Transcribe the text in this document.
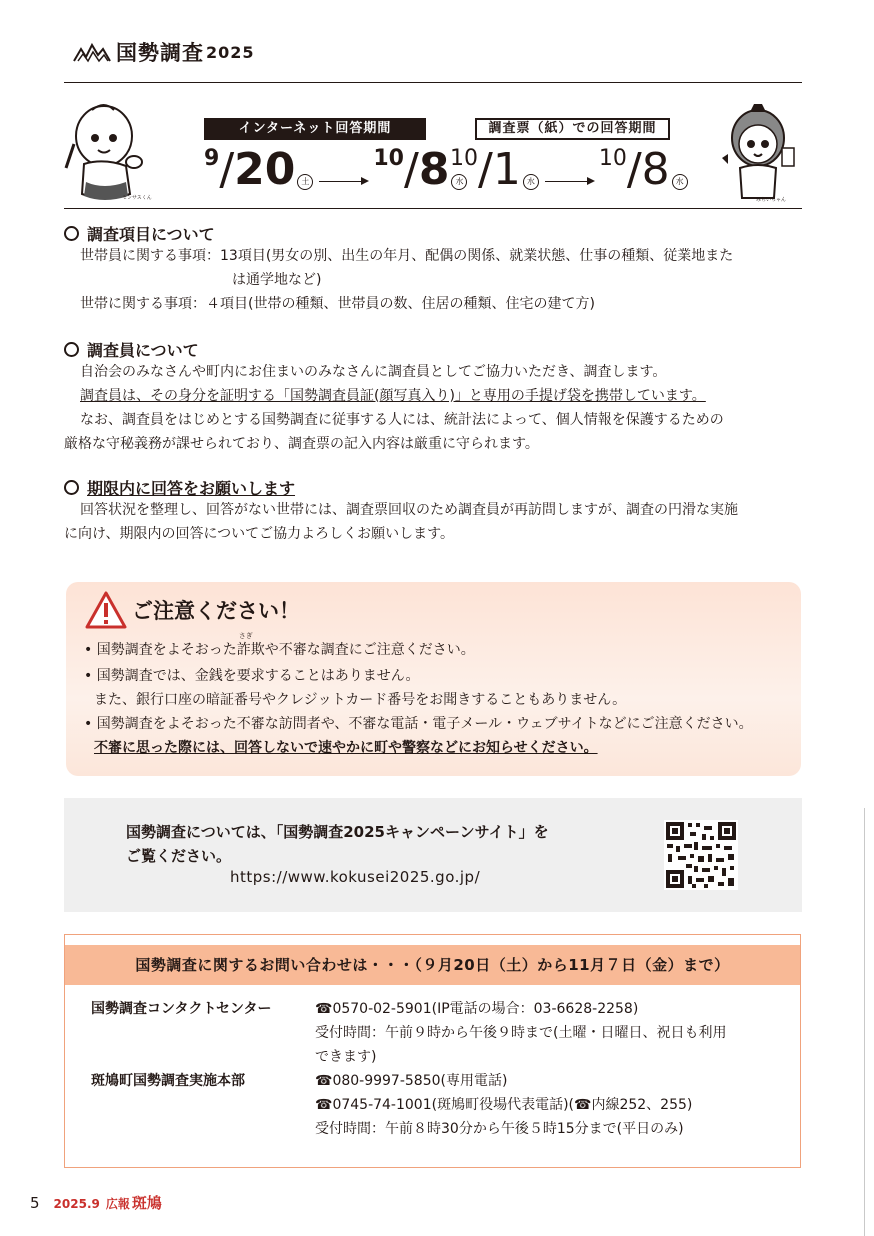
国勢調査 2025
センサスくん	みらいちゃん
インターネット回答期間
9 / 20 土
10 / 8 水
調査票（紙）での回答期間
10 / 1 水
10 / 8 水
調査項目について
世帯員に関する事項：13項目(男女の別、出生の年月、配偶の関係、就業状態、仕事の種類、従業地また
は通学地など)
世帯に関する事項：４項目(世帯の種類、世帯員の数、住居の種類、住宅の建て方)
調査員について
自治会のみなさんや町内にお住まいのみなさんに調査員としてご協力いただき、調査します。
調査員は、その身分を証明する「国勢調査員証(顔写真入り)」と専用の手提げ袋を携帯しています。
なお、調査員をはじめとする国勢調査に従事する人には、統計法によって、個人情報を保護するための
厳格な守秘義務が課せられており、調査票の記入内容は厳重に守られます。
期限内に回答をお願いします
回答状況を整理し、回答がない世帯には、調査票回収のため調査員が再訪問しますが、調査の円滑な実施
に向け、期限内の回答についてご協力よろしくお願いします。
ご注意ください！
• 国勢調査をよそおった
さぎ
詐欺や不審な調査にご注意ください。
• 国勢調査では、金銭を要求することはありません。
また、銀行口座の暗証番号やクレジットカード番号をお聞きすることもありません。
• 国勢調査をよそおった不審な訪問者や、不審な電話・電子メール・ウェブサイトなどにご注意ください。
不審に思った際には、回答しないで速やかに町や警察などにお知らせください。
国勢調査については、「国勢調査2025キャンペーンサイト」を
ご覧ください。
https://www.kokusei2025.go.jp/
国勢調査に関するお問い合わせは・・・（９月20日（土）から11月７日（金）まで）
国勢調査コンタクトセンター	☎0570-02-5901(IP電話の場合：03-6628-2258)
受付時間：午前９時から午後９時まで(土曜・日曜日、祝日も利用
できます)
斑鳩町国勢調査実施本部	☎080-9997-5850(専用電話)
☎0745-74-1001(斑鳩町役場代表電話)(☎内線252、255)
受付時間：午前８時30分から午後５時15分まで(平日のみ)
5 2025.9 広報 斑鳩
